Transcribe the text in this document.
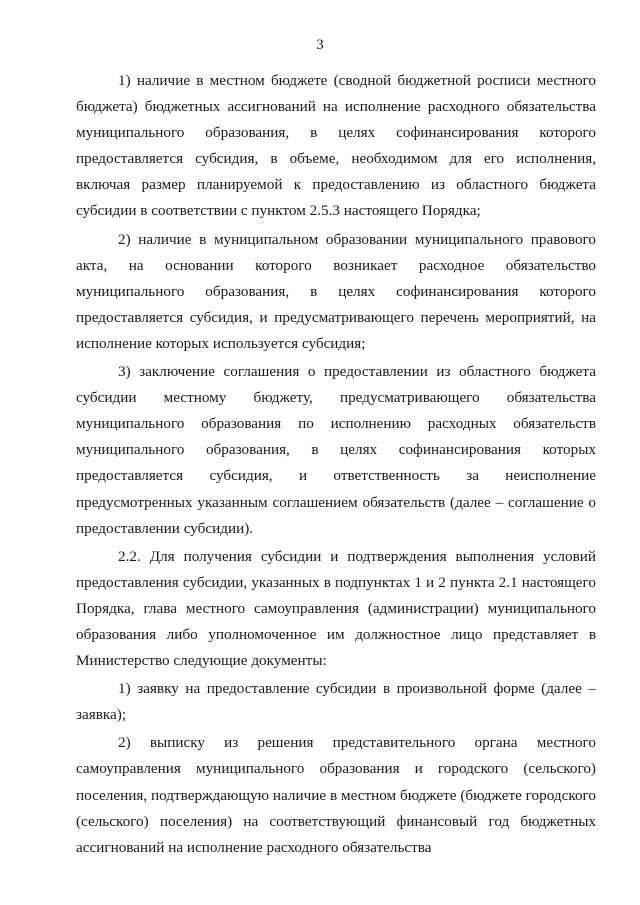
3

1) наличие в местном бюджете (сводной бюджетной росписи местного бюджета) бюджетных ассигнований на исполнение расходного обязательства муниципального образования, в целях софинансирования которого предоставляется субсидия, в объеме, необходимом для его исполнения, включая размер планируемой к предоставлению из областного бюджета субсидии в соответствии с пунктом 2.5.3 настоящего Порядка;

2) наличие в муниципальном образовании муниципального правового акта, на основании которого возникает расходное обязательство муниципального образования, в целях софинансирования которого предоставляется субсидия, и предусматривающего перечень мероприятий, на исполнение которых используется субсидия;

3) заключение соглашения о предоставлении из областного бюджета субсидии местному бюджету, предусматривающего обязательства муниципального образования по исполнению расходных обязательств муниципального образования, в целях софинансирования которых предоставляется субсидия, и ответственность за неисполнение предусмотренных указанным соглашением обязательств (далее – соглашение о предоставлении субсидии).

2.2. Для получения субсидии и подтверждения выполнения условий предоставления субсидии, указанных в подпунктах 1 и 2 пункта 2.1 настоящего Порядка, глава местного самоуправления (администрации) муниципального образования либо уполномоченное им должностное лицо представляет в Министерство следующие документы:

1) заявку на предоставление субсидии в произвольной форме (далее – заявка);

2) выписку из решения представительного органа местного самоуправления муниципального образования и городского (сельского) поселения, подтверждающую наличие в местном бюджете (бюджете городского (сельского) поселения) на соответствующий финансовый год бюджетных ассигнований на исполнение расходного обязательства
